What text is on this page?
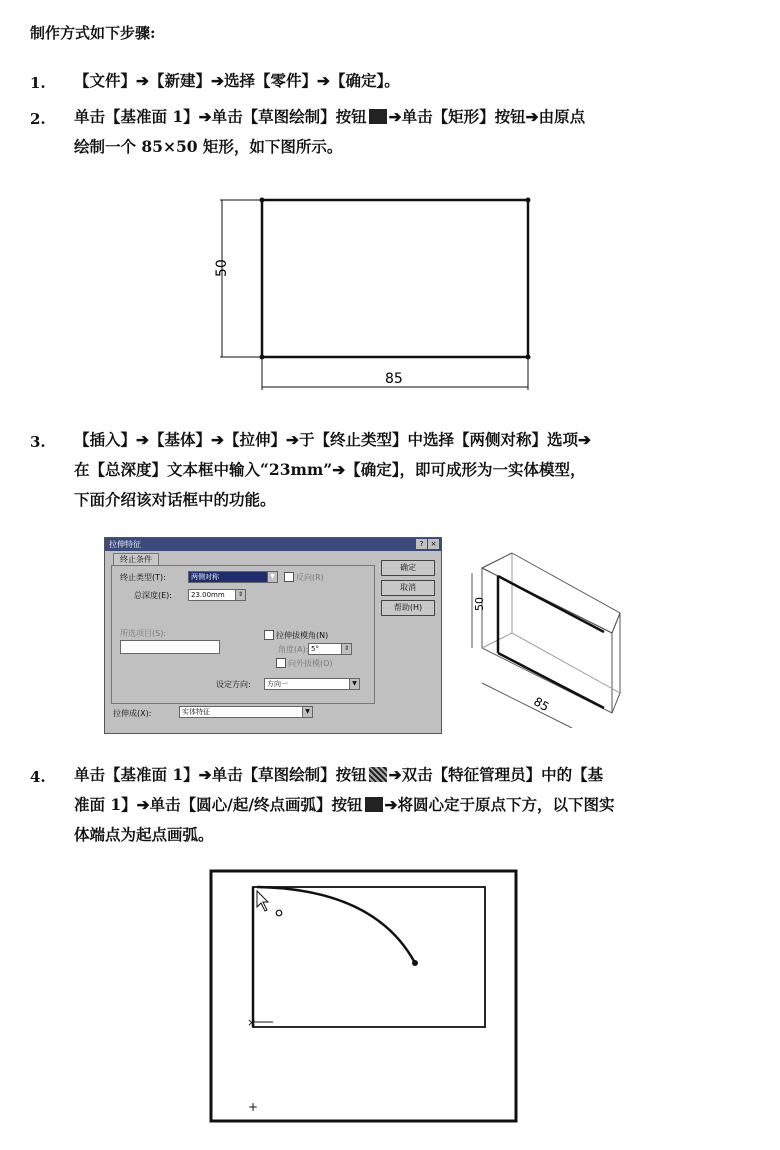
制作方式如下步骤:
1. 【文件】➔【新建】➔选择【零件】➔【确定】。
2. 单击【基准面 1】➔单击【草图绘制】按钮 ➔单击【矩形】按钮➔由原点
绘制一个 85×50 矩形，如下图所示。
50
85
3. 【插入】➔【基体】➔【拉伸】➔于【终止类型】中选择【两侧对称】选项➔
在【总深度】文本框中输入“23mm”➔【确定】，即可成形为一实体模型，
下面介绍该对话框中的功能。
拉伸特征	?	×
终止条件
终止类型(T):	两侧对称	▼	反向(R)
总深度(E):	23.00mm	⇕
所选项目(S):	拉伸拔模角(N)
角度(A): 5°	⇕
向外拔模(O)
设定方向:	方向一	▼
拉伸成(X):	实体特征	▼
确定
取消
帮助(H)	50
85
4. 单击【基准面 1】➔单击【草图绘制】按钮 ➔双击【特征管理员】中的【基
准面 1】➔单击【圆心/起/终点画弧】按钮 ➔将圆心定于原点下方，以下图实
体端点为起点画弧。
×
+
